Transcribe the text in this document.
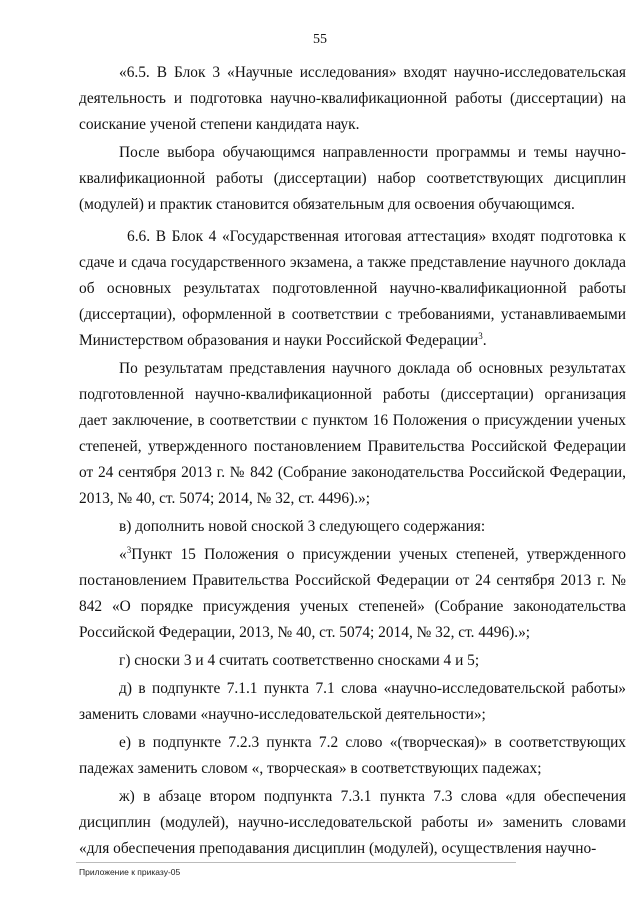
55

«6.5. В Блок 3 «Научные исследования» входят научно-исследовательская деятельность и подготовка научно-квалификационной работы (диссертации) на соискание ученой степени кандидата наук.

После выбора обучающимся направленности программы и темы научно-квалификационной работы (диссертации) набор соответствующих дисциплин (модулей) и практик становится обязательным для освоения обучающимся.

6.6. В Блок 4 «Государственная итоговая аттестация» входят подготовка к сдаче и сдача государственного экзамена, а также представление научного доклада об основных результатах подготовленной научно-квалификационной работы (диссертации), оформленной в соответствии с требованиями, устанавливаемыми Министерством образования и науки Российской Федерации$^3$.

По результатам представления научного доклада об основных результатах подготовленной научно-квалификационной работы (диссертации) организация дает заключение, в соответствии с пунктом 16 Положения о присуждении ученых степеней, утвержденного постановлением Правительства Российской Федерации от 24 сентября 2013 г. № 842 (Собрание законодательства Российской Федерации, 2013, № 40, ст. 5074; 2014, № 32, ст. 4496).»;

в) дополнить новой сноской 3 следующего содержания:

«$^3$Пункт 15 Положения о присуждении ученых степеней, утвержденного постановлением Правительства Российской Федерации от 24 сентября 2013 г. № 842 «О порядке присуждения ученых степеней» (Собрание законодательства Российской Федерации, 2013, № 40, ст. 5074; 2014, № 32, ст. 4496).»;

г) сноски 3 и 4 считать соответственно сносками 4 и 5;

д) в подпункте 7.1.1 пункта 7.1 слова «научно-исследовательской работы» заменить словами «научно-исследовательской деятельности»;

е) в подпункте 7.2.3 пункта 7.2 слово «(творческая)» в соответствующих падежах заменить словом «, творческая» в соответствующих падежах;

ж) в абзаце втором подпункта 7.3.1 пункта 7.3 слова «для обеспечения дисциплин (модулей), научно-исследовательской работы и» заменить словами «для обеспечения преподавания дисциплин (модулей), осуществления научно-

Приложение к приказу-05
